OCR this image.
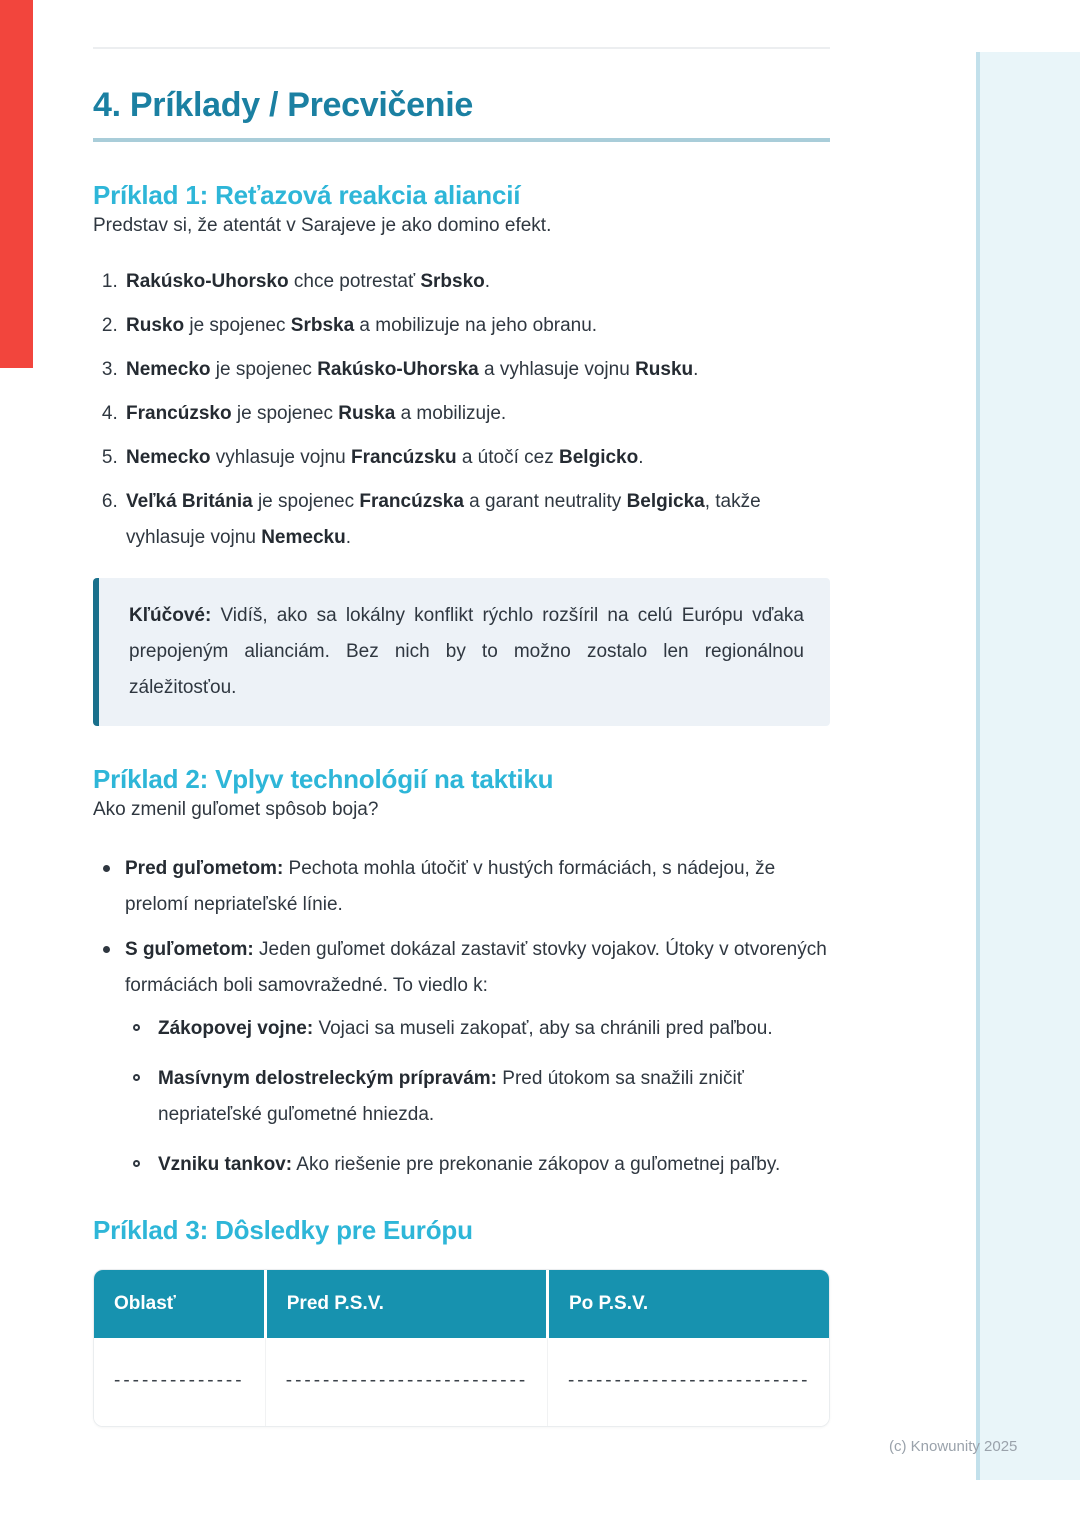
4. Príklady / Precvičenie
Príklad 1: Reťazová reakcia aliancií

Predstav si, že atentát v Sarajeve je ako domino efekt.

1. Rakúsko-Uhorsko chce potrestať Srbsko.
2. Rusko je spojenec Srbska a mobilizuje na jeho obranu.
3. Nemecko je spojenec Rakúsko-Uhorska a vyhlasuje vojnu Rusku.
4. Francúzsko je spojenec Ruska a mobilizuje.
5. Nemecko vyhlasuje vojnu Francúzsku a útočí cez Belgicko.
6. Veľká Británia je spojenec Francúzska a garant neutrality Belgicka, takže vyhlasuje vojnu Nemecku.

Kľúčové: Vidíš, ako sa lokálny konflikt rýchlo rozšíril na celú Európu vďaka prepojeným alianciám. Bez nich by to možno zostalo len regionálnou záležitosťou.

Príklad 2: Vplyv technológií na taktiku

Ako zmenil guľomet spôsob boja?

Pred guľometom: Pechota mohla útočiť v hustých formáciách, s nádejou, že prelomí nepriateľské línie.
S guľometom: Jeden guľomet dokázal zastaviť stovky vojakov. Útoky v otvorených formáciách boli samovražedné. To viedlo k:
Zákopovej vojne: Vojaci sa museli zakopať, aby sa chránili pred paľbou.
Masívnym delostreleckým prípravám: Pred útokom sa snažili zničiť nepriateľské guľometné hniezda.
Vzniku tankov: Ako riešenie pre prekonanie zákopov a guľometnej paľby.
Príklad 3: Dôsledky pre Európu
Oblasť	Pred P.S.V.	Po P.S.V.
--------------	--------------------------	--------------------------
(c) Knowunity 2025
